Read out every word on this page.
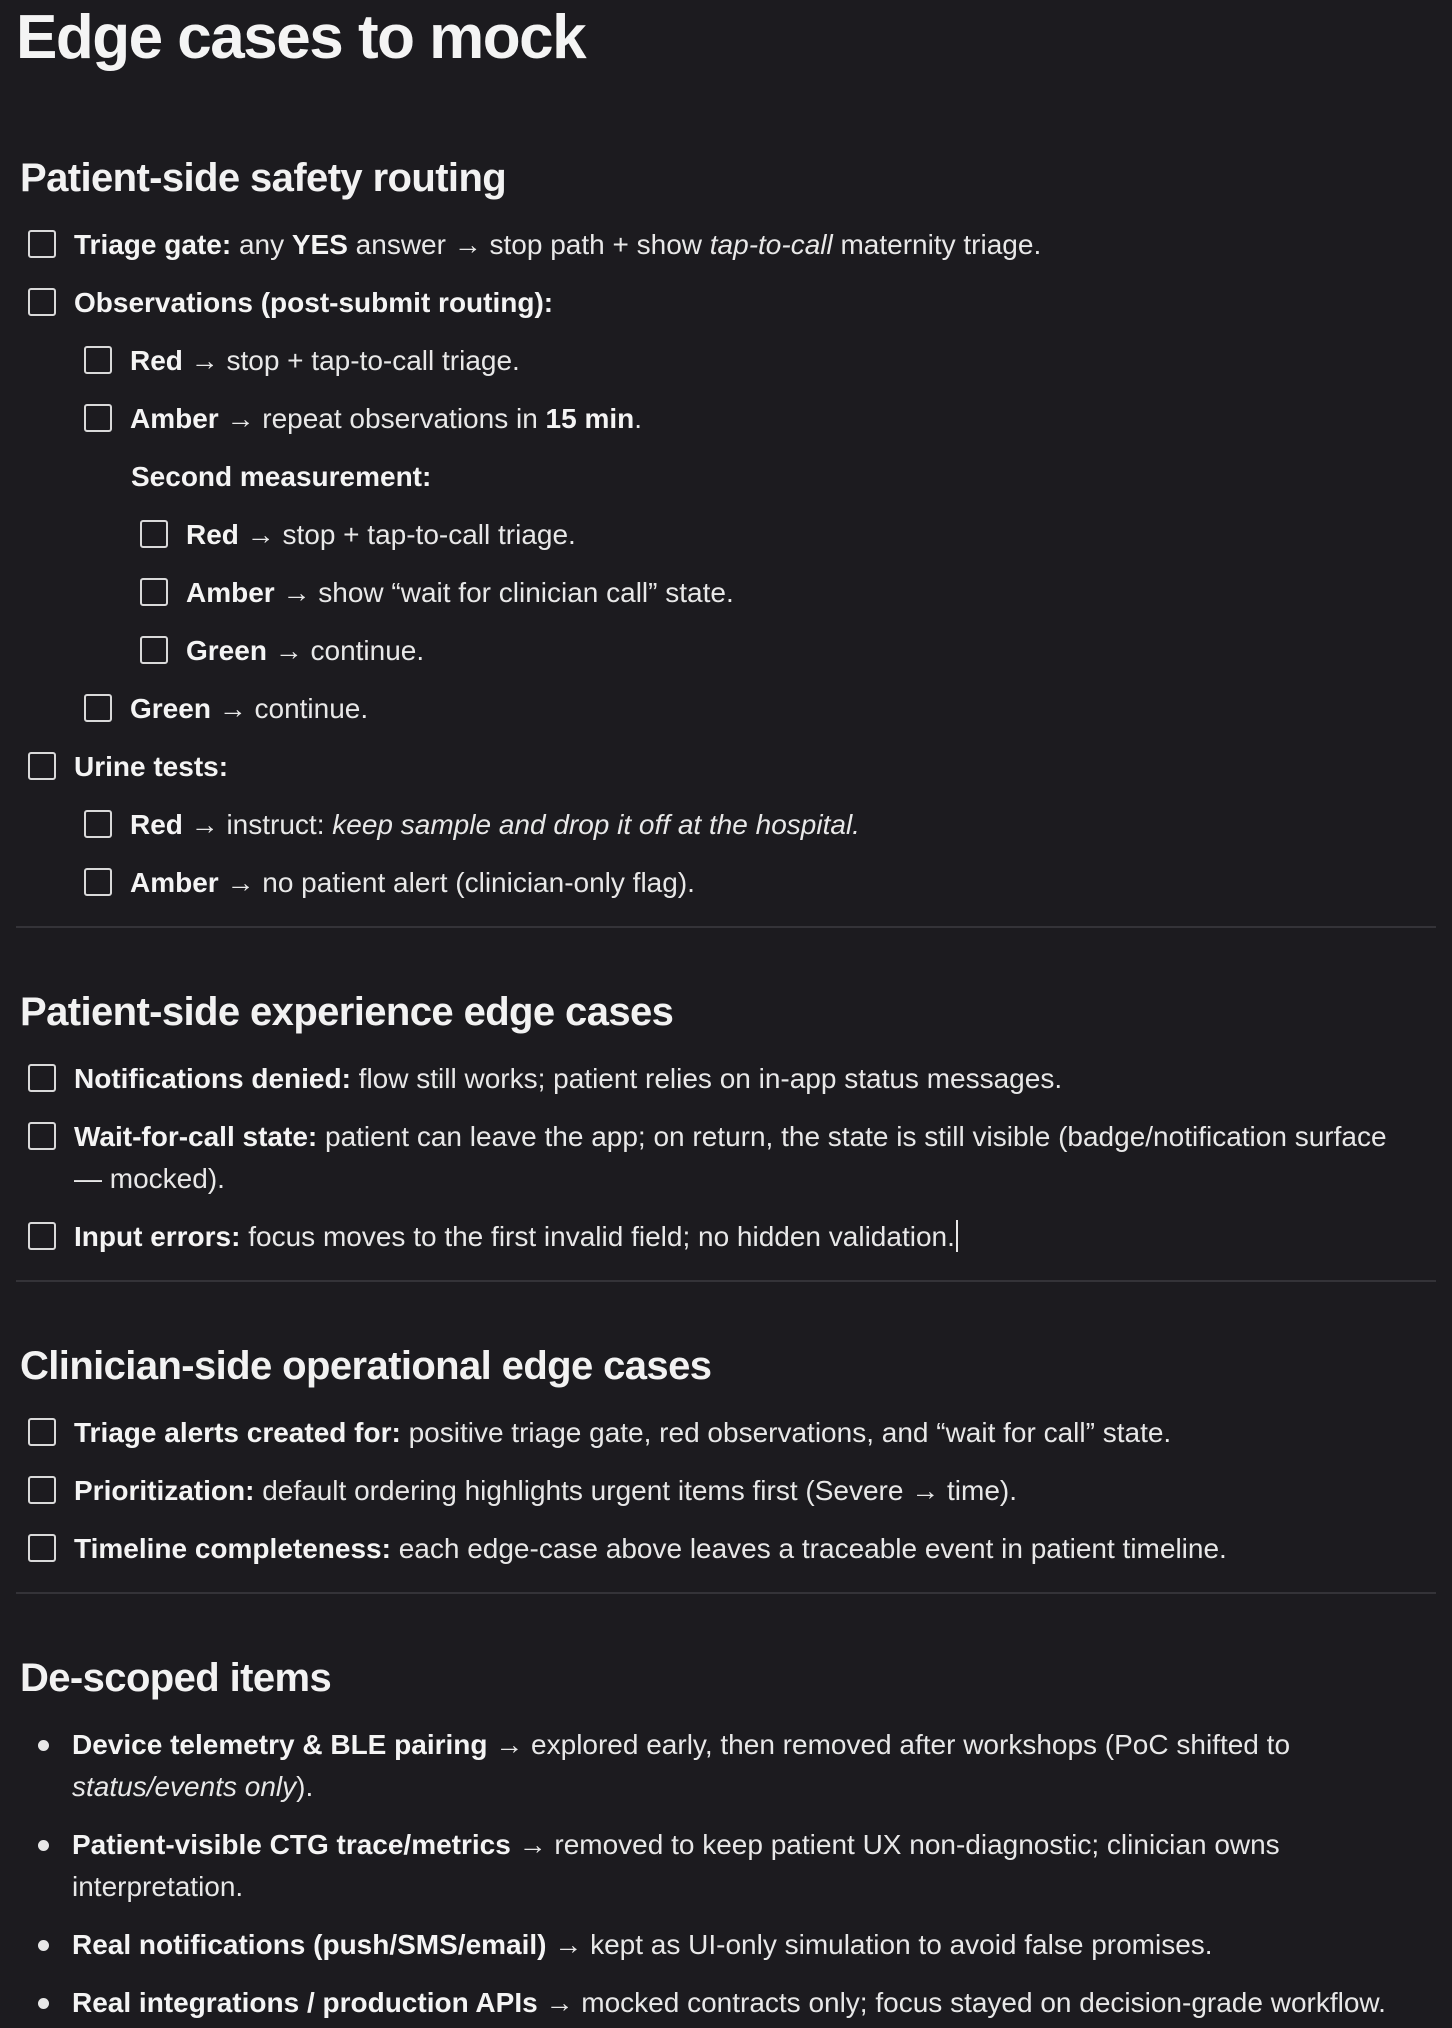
Edge cases to mock
Patient-side safety routing
Triage gate: any YES answer → stop path + show tap-to-call maternity triage.
Observations (post-submit routing):
Red → stop + tap-to-call triage.
Amber → repeat observations in 15 min.
Second measurement:
Red → stop + tap-to-call triage.
Amber → show “wait for clinician call” state.
Green → continue.
Green → continue.
Urine tests:
Red → instruct: keep sample and drop it off at the hospital.
Amber → no patient alert (clinician-only flag).
Patient-side experience edge cases
Notifications denied: flow still works; patient relies on in-app status messages.
Wait-for-call state: patient can leave the app; on return, the state is still visible (badge/notification surface — mocked).
Input errors: focus moves to the first invalid field; no hidden validation.
Clinician-side operational edge cases
Triage alerts created for: positive triage gate, red observations, and “wait for call” state.
Prioritization: default ordering highlights urgent items first (Severe → time).
Timeline completeness: each edge-case above leaves a traceable event in patient timeline.
De-scoped items
Device telemetry & BLE pairing → explored early, then removed after workshops (PoC shifted to status/events only).
Patient-visible CTG trace/metrics → removed to keep patient UX non-diagnostic; clinician owns interpretation.
Real notifications (push/SMS/email) → kept as UI-only simulation to avoid false promises.
Real integrations / production APIs → mocked contracts only; focus stayed on decision-grade workflow.
